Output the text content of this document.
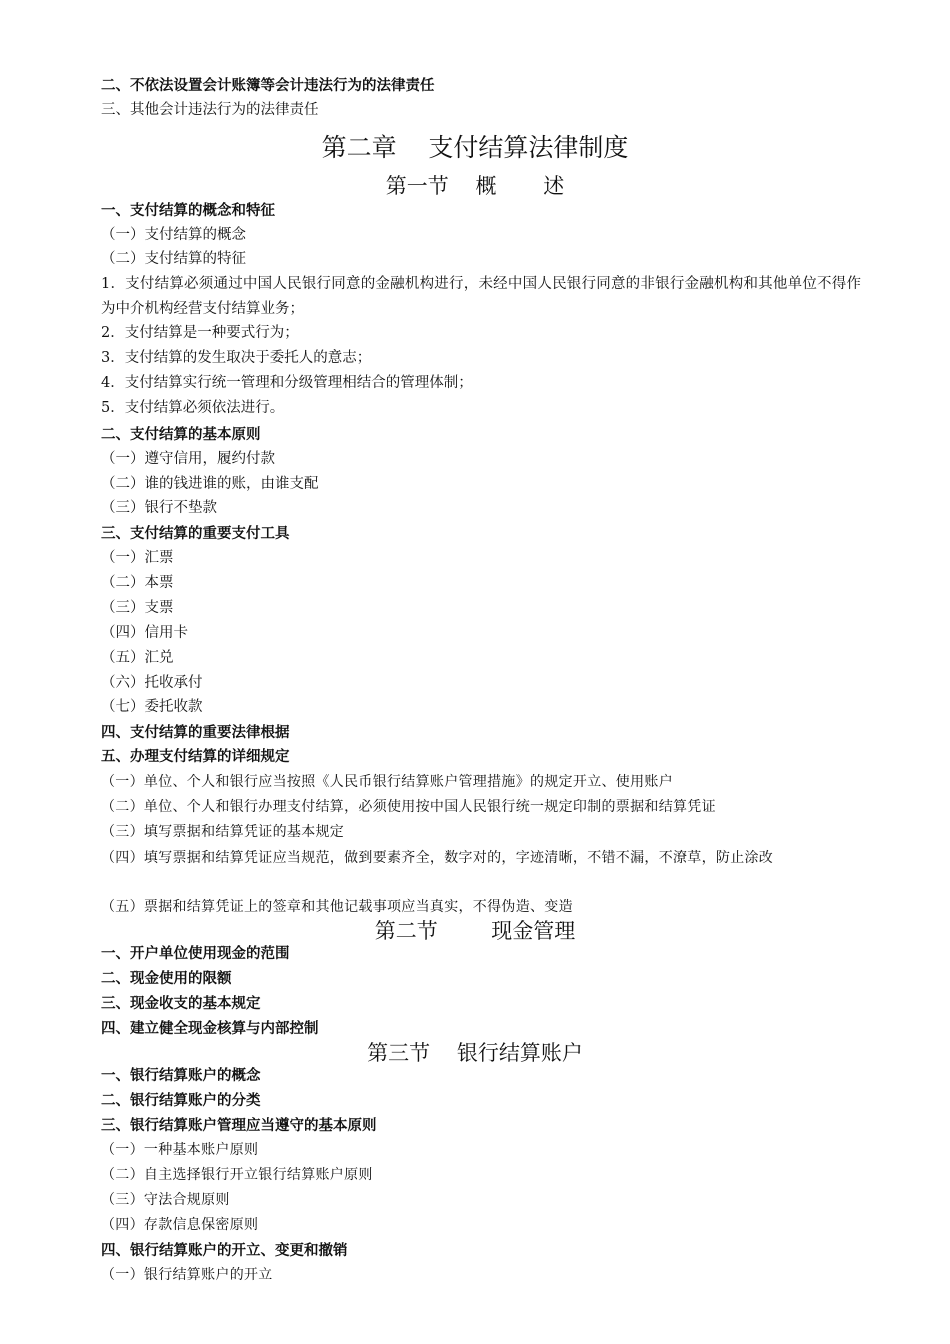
二、不依法设置会计账簿等会计违法行为的法律责任
三、其他会计违法行为的法律责任
第二章    支付结算法律制度
第一节    概       述
一、支付结算的概念和特征
（一）支付结算的概念
（二）支付结算的特征
1．支付结算必须通过中国人民银行同意的金融机构进行，未经中国人民银行同意的非银行金融机构和其他单位不得作为中介机构经营支付结算业务；
2．支付结算是一种要式行为；
3．支付结算的发生取决于委托人的意志；
4．支付结算实行统一管理和分级管理相结合的管理体制；
5．支付结算必须依法进行。
二、支付结算的基本原则
（一）遵守信用，履约付款
（二）谁的钱进谁的账，由谁支配
（三）银行不垫款
三、支付结算的重要支付工具
（一）汇票
（二）本票
（三）支票
（四）信用卡
（五）汇兑
（六）托收承付
（七）委托收款
四、支付结算的重要法律根据
五、办理支付结算的详细规定
（一）单位、个人和银行应当按照《人民币银行结算账户管理措施》的规定开立、使用账户
（二）单位、个人和银行办理支付结算，必须使用按中国人民银行统一规定印制的票据和结算凭证
（三）填写票据和结算凭证的基本规定
（四）填写票据和结算凭证应当规范，做到要素齐全，数字对的，字迹清晰，不错不漏，不潦草，防止涂改
（五）票据和结算凭证上的签章和其他记载事项应当真实，不得伪造、变造
第二节        现金管理
一、开户单位使用现金的范围
二、现金使用的限额
三、现金收支的基本规定
四、建立健全现金核算与内部控制
第三节    银行结算账户
一、银行结算账户的概念
二、银行结算账户的分类
三、银行结算账户管理应当遵守的基本原则
（一）一种基本账户原则
（二）自主选择银行开立银行结算账户原则
（三）守法合规原则
（四）存款信息保密原则
四、银行结算账户的开立、变更和撤销
（一）银行结算账户的开立
